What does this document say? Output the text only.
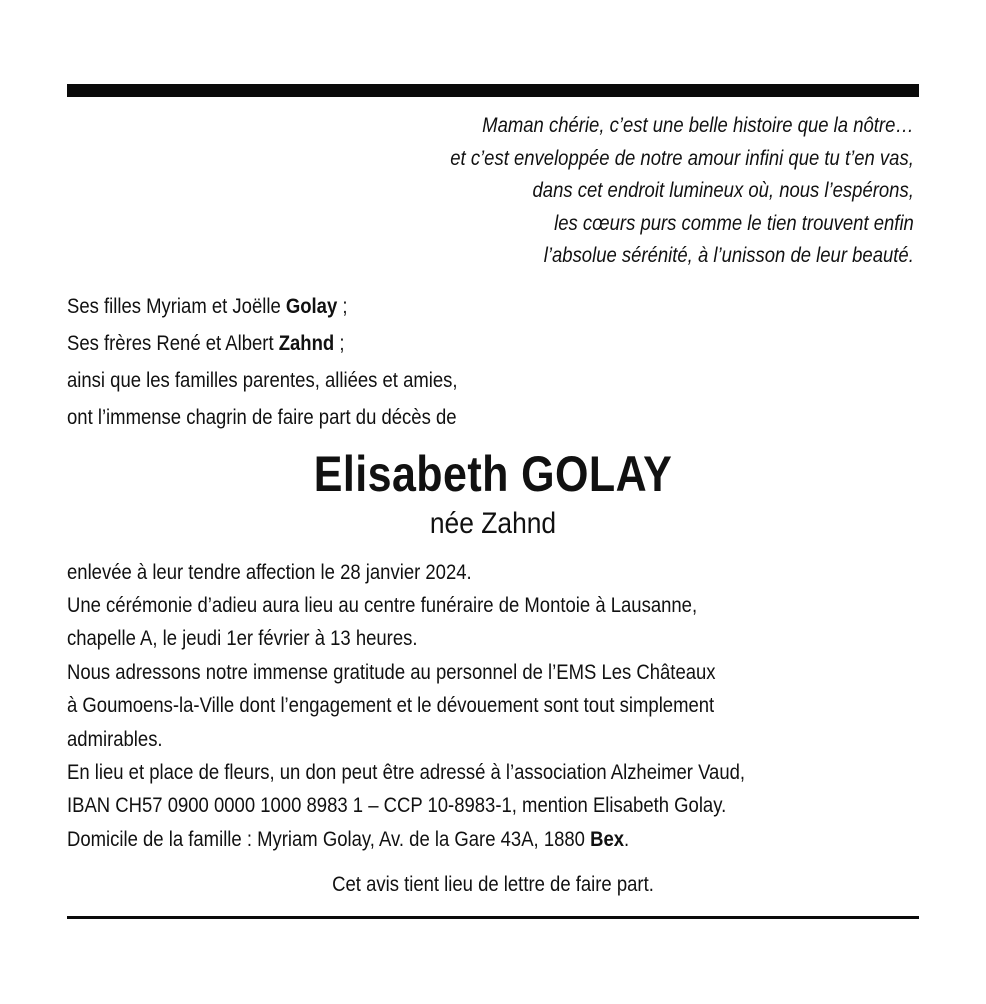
Maman chérie, c’est une belle histoire que la nôtre…
et c’est enveloppée de notre amour infini que tu t’en vas,
dans cet endroit lumineux où, nous l’espérons,
les cœurs purs comme le tien trouvent enfin
l’absolue sérénité, à l’unisson de leur beauté.
Ses filles Myriam et Joëlle Golay ;
Ses frères René et Albert Zahnd ;
ainsi que les familles parentes, alliées et amies,
ont l’immense chagrin de faire part du décès de
Elisabeth GOLAY
née Zahnd
enlevée à leur tendre affection le 28 janvier 2024.
Une cérémonie d’adieu aura lieu au centre funéraire de Montoie à Lausanne,
chapelle A, le jeudi 1er février à 13 heures.
Nous adressons notre immense gratitude au personnel de l’EMS Les Châteaux
à Goumoens-la-Ville dont l’engagement et le dévouement sont tout simplement
admirables.
En lieu et place de fleurs, un don peut être adressé à l’association Alzheimer Vaud,
IBAN CH57 0900 0000 1000 8983 1 – CCP 10-8983-1, mention Elisabeth Golay.
Domicile de la famille : Myriam Golay, Av. de la Gare 43A, 1880 Bex.
Cet avis tient lieu de lettre de faire part.
